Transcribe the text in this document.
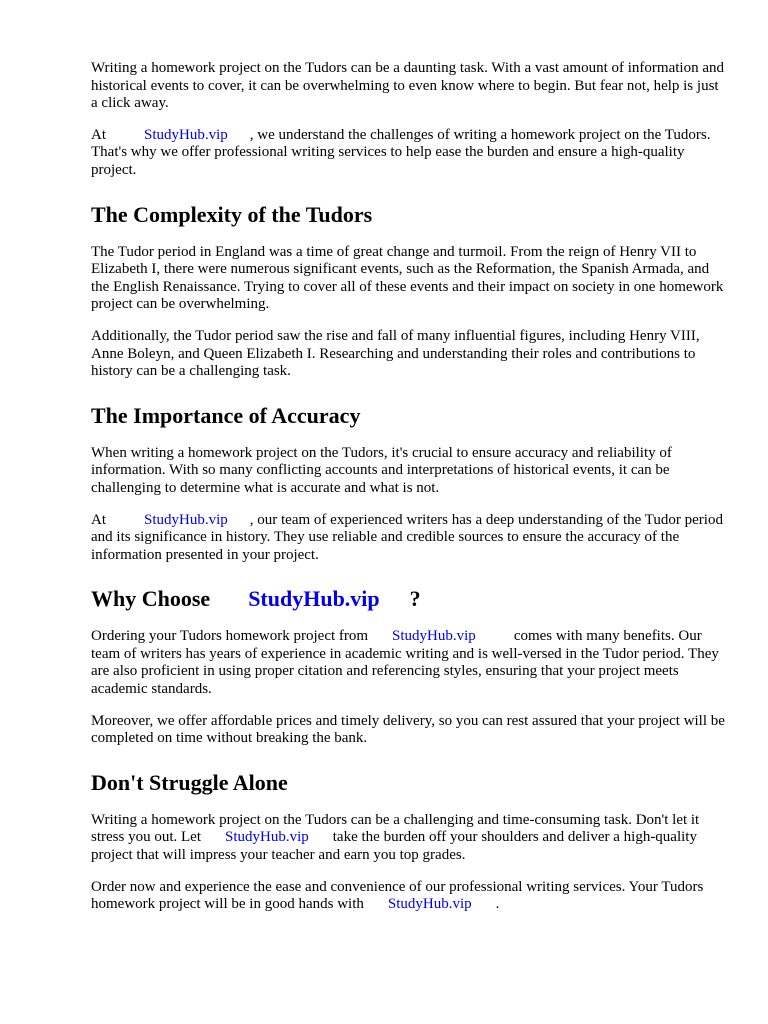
Writing a homework project on the Tudors can be a daunting task. With a vast amount of information and historical events to cover, it can be overwhelming to even know where to begin. But fear not, help is just a click away.

At	StudyHub.vip , we understand the challenges of writing a homework project on the Tudors. That's why we offer professional writing services to help ease the burden and ensure a high-quality project.

The Complexity of the Tudors

The Tudor period in England was a time of great change and turmoil. From the reign of Henry VII to Elizabeth I, there were numerous significant events, such as the Reformation, the Spanish Armada, and the English Renaissance. Trying to cover all of these events and their impact on society in one homework project can be overwhelming.

Additionally, the Tudor period saw the rise and fall of many influential figures, including Henry VIII, Anne Boleyn, and Queen Elizabeth I. Researching and understanding their roles and contributions to history can be a challenging task.

The Importance of Accuracy

When writing a homework project on the Tudors, it's crucial to ensure accuracy and reliability of information. With so many conflicting accounts and interpretations of historical events, it can be challenging to determine what is accurate and what is not.

At	StudyHub.vip , our team of experienced writers has a deep understanding of the Tudor period and its significance in history. They use reliable and credible sources to ensure the accuracy of the information presented in your project.

Why Choose StudyHub.vip ?

Ordering your Tudors homework project from StudyHub.vip	comes with many benefits. Our team of writers has years of experience in academic writing and is well-versed in the Tudor period. They are also proficient in using proper citation and referencing styles, ensuring that your project meets academic standards.

Moreover, we offer affordable prices and timely delivery, so you can rest assured that your project will be completed on time without breaking the bank.

Don't Struggle Alone

Writing a homework project on the Tudors can be a challenging and time-consuming task. Don't let it stress you out. Let StudyHub.vip take the burden off your shoulders and deliver a high-quality project that will impress your teacher and earn you top grades.

Order now and experience the ease and convenience of our professional writing services. Your Tudors homework project will be in good hands with StudyHub.vip .
